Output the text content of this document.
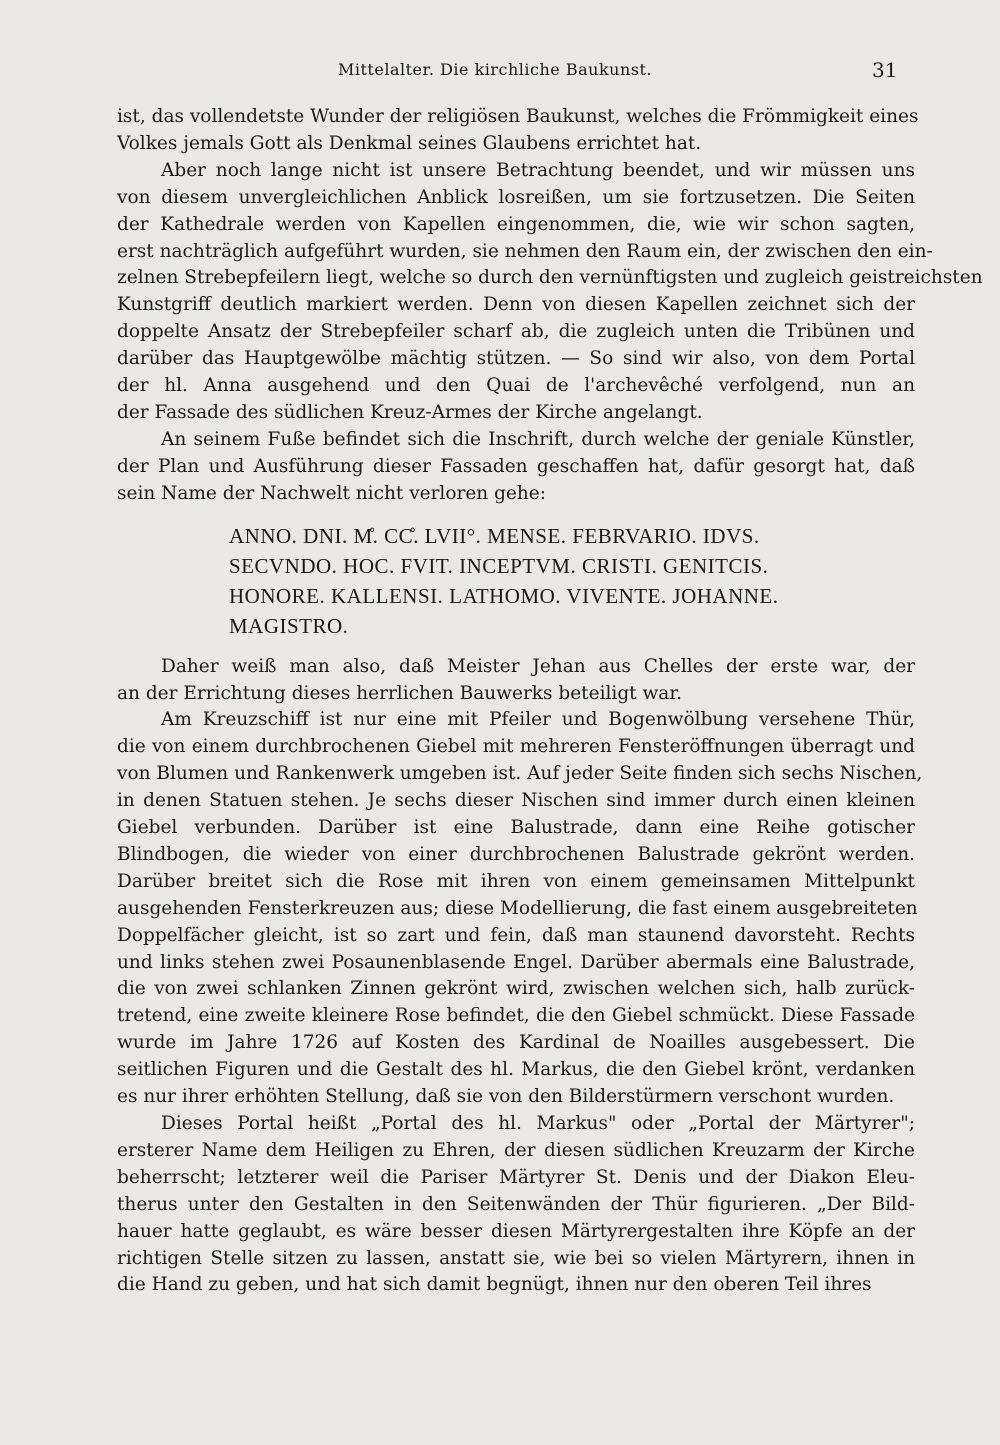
Mittelalter. Die kirchliche Baukunst.	31
ist, das vollendetste Wunder der religiösen Baukunst, welches die Frömmigkeit eines
Volkes jemals Gott als Denkmal seines Glaubens errichtet hat.
Aber noch lange nicht ist unsere Betrachtung beendet, und wir müssen uns
von diesem unvergleichlichen Anblick losreißen, um sie fortzusetzen. Die Seiten
der Kathedrale werden von Kapellen eingenommen, die, wie wir schon sagten,
erst nachträglich aufgeführt wurden, sie nehmen den Raum ein, der zwischen den ein-
zelnen Strebepfeilern liegt, welche so durch den vernünftigsten und zugleich geistreichsten
Kunstgriff deutlich markiert werden. Denn von diesen Kapellen zeichnet sich der
doppelte Ansatz der Strebepfeiler scharf ab, die zugleich unten die Tribünen und
darüber das Hauptgewölbe mächtig stützen. — So sind wir also, von dem Portal
der hl. Anna ausgehend und den Quai de l'archevêché verfolgend, nun an
der Fassade des südlichen Kreuz-Armes der Kirche angelangt.
An seinem Fuße befindet sich die Inschrift, durch welche der geniale Künstler,
der Plan und Ausführung dieser Fassaden geschaffen hat, dafür gesorgt hat, daß
sein Name der Nachwelt nicht verloren gehe:
ANNO. DNI. M̊. CC̊. LVII°. MENSE. FEBRVARIO. IDVS.
SECVNDO. HOC. FVIT. INCEPTVM. CRISTI. GENITCIS.
HONORE. KALLENSI. LATHOMO. VIVENTE. JOHANNE.
MAGISTRO.
Daher weiß man also, daß Meister Jehan aus Chelles der erste war, der
an der Errichtung dieses herrlichen Bauwerks beteiligt war.
Am Kreuzschiff ist nur eine mit Pfeiler und Bogenwölbung versehene Thür,
die von einem durchbrochenen Giebel mit mehreren Fensteröffnungen überragt und
von Blumen und Rankenwerk umgeben ist. Auf jeder Seite finden sich sechs Nischen,
in denen Statuen stehen. Je sechs dieser Nischen sind immer durch einen kleinen
Giebel verbunden. Darüber ist eine Balustrade, dann eine Reihe gotischer
Blindbogen, die wieder von einer durchbrochenen Balustrade gekrönt werden.
Darüber breitet sich die Rose mit ihren von einem gemeinsamen Mittelpunkt
ausgehenden Fensterkreuzen aus; diese Modellierung, die fast einem ausgebreiteten
Doppelfächer gleicht, ist so zart und fein, daß man staunend davorsteht. Rechts
und links stehen zwei Posaunenblasende Engel. Darüber abermals eine Balustrade,
die von zwei schlanken Zinnen gekrönt wird, zwischen welchen sich, halb zurück-
tretend, eine zweite kleinere Rose befindet, die den Giebel schmückt. Diese Fassade
wurde im Jahre 1726 auf Kosten des Kardinal de Noailles ausgebessert. Die
seitlichen Figuren und die Gestalt des hl. Markus, die den Giebel krönt, verdanken
es nur ihrer erhöhten Stellung, daß sie von den Bilderstürmern verschont wurden.
Dieses Portal heißt „Portal des hl. Markus" oder „Portal der Märtyrer";
ersterer Name dem Heiligen zu Ehren, der diesen südlichen Kreuzarm der Kirche
beherrscht; letzterer weil die Pariser Märtyrer St. Denis und der Diakon Eleu-
therus unter den Gestalten in den Seitenwänden der Thür figurieren. „Der Bild-
hauer hatte geglaubt, es wäre besser diesen Märtyrergestalten ihre Köpfe an der
richtigen Stelle sitzen zu lassen, anstatt sie, wie bei so vielen Märtyrern, ihnen in
die Hand zu geben, und hat sich damit begnügt, ihnen nur den oberen Teil ihres
